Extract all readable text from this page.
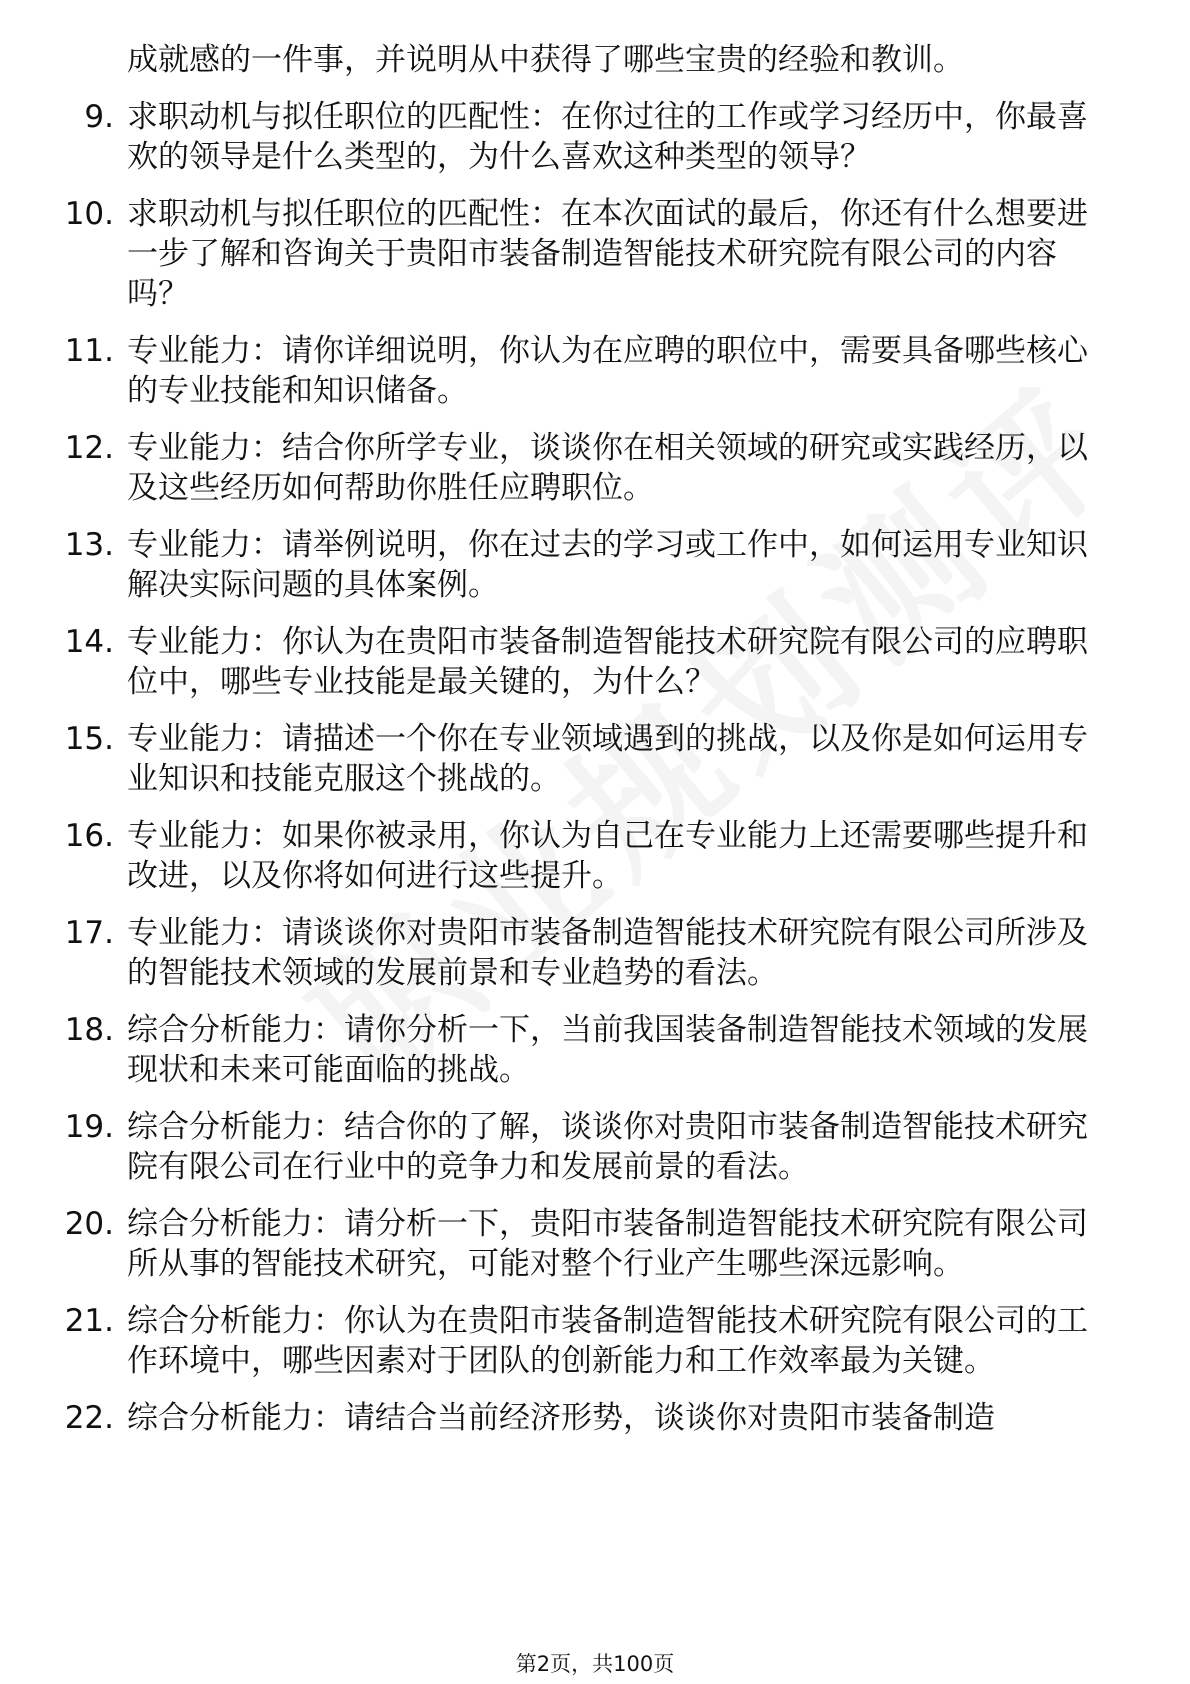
成就感的一件事，并说明从中获得了哪些宝贵的经验和教训。
9. 求职动机与拟任职位的匹配性：在你过往的工作或学习经历中，你最喜欢的领导是什么类型的，为什么喜欢这种类型的领导？
10. 求职动机与拟任职位的匹配性：在本次面试的最后，你还有什么想要进一步了解和咨询关于贵阳市装备制造智能技术研究院有限公司的内容吗？
11. 专业能力：请你详细说明，你认为在应聘的职位中，需要具备哪些核心的专业技能和知识储备。
12. 专业能力：结合你所学专业，谈谈你在相关领域的研究或实践经历，以及这些经历如何帮助你胜任应聘职位。
13. 专业能力：请举例说明，你在过去的学习或工作中，如何运用专业知识解决实际问题的具体案例。
14. 专业能力：你认为在贵阳市装备制造智能技术研究院有限公司的应聘职位中，哪些专业技能是最关键的，为什么？
15. 专业能力：请描述一个你在专业领域遇到的挑战，以及你是如何运用专业知识和技能克服这个挑战的。
16. 专业能力：如果你被录用，你认为自己在专业能力上还需要哪些提升和改进，以及你将如何进行这些提升。
17. 专业能力：请谈谈你对贵阳市装备制造智能技术研究院有限公司所涉及的智能技术领域的发展前景和专业趋势的看法。
18. 综合分析能力：请你分析一下，当前我国装备制造智能技术领域的发展现状和未来可能面临的挑战。
19. 综合分析能力：结合你的了解，谈谈你对贵阳市装备制造智能技术研究院有限公司在行业中的竞争力和发展前景的看法。
20. 综合分析能力：请分析一下，贵阳市装备制造智能技术研究院有限公司所从事的智能技术研究，可能对整个行业产生哪些深远影响。
21. 综合分析能力：你认为在贵阳市装备制造智能技术研究院有限公司的工作环境中，哪些因素对于团队的创新能力和工作效率最为关键。
22. 综合分析能力：请结合当前经济形势，谈谈你对贵阳市装备制造
第2页，共100页
